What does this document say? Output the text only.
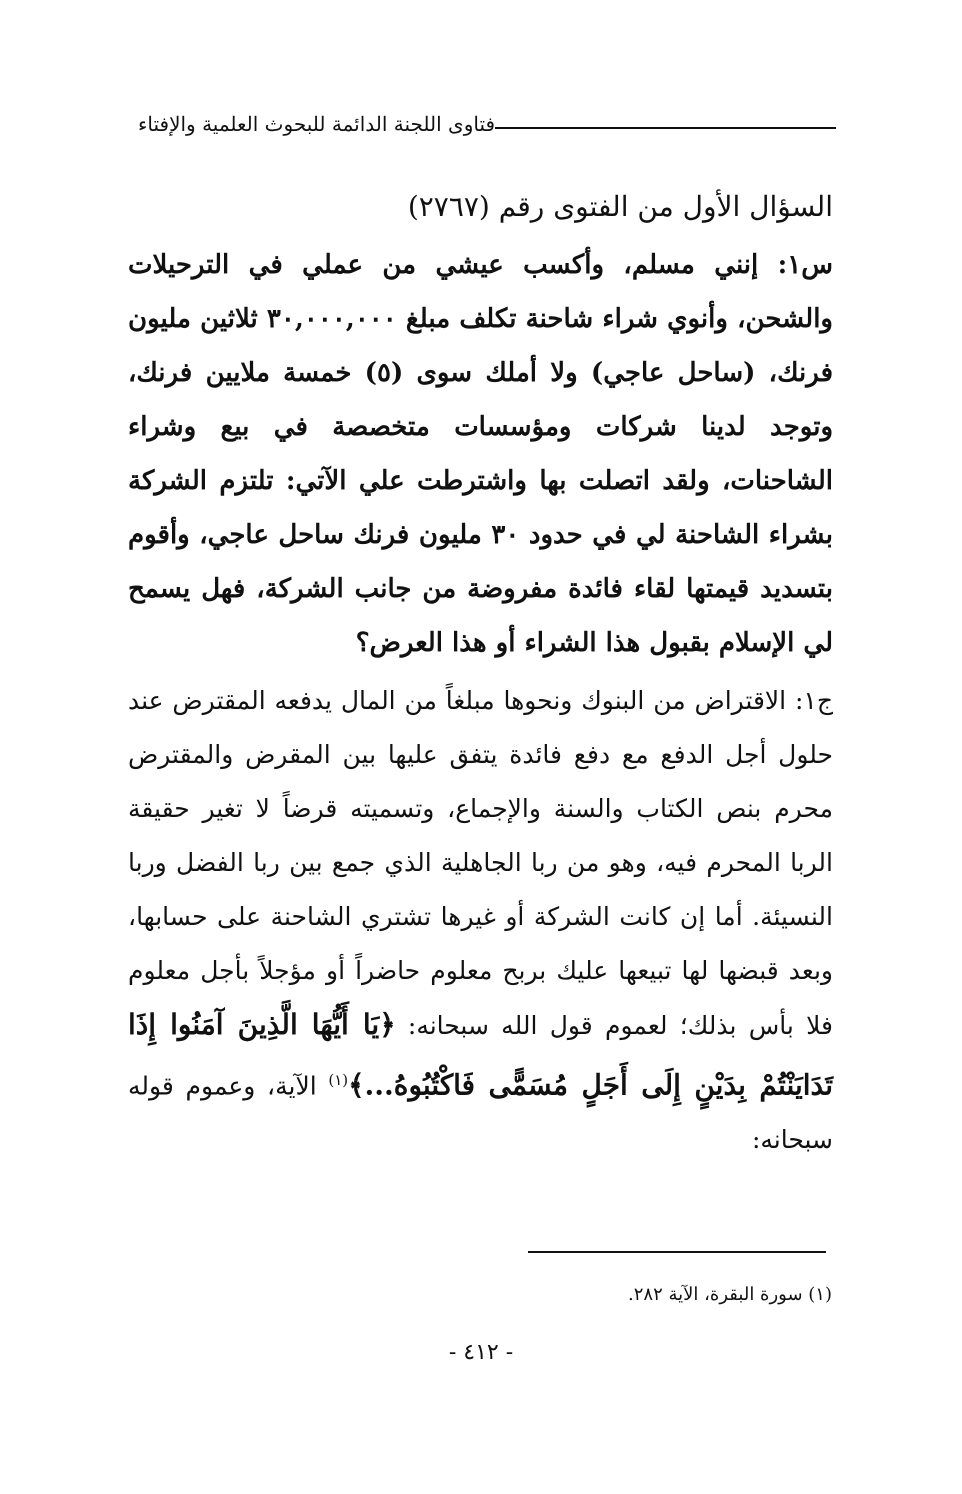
فتاوى اللجنة الدائمة للبحوث العلمية والإفتاء

السؤال الأول من الفتوى رقم (٢٧٦٧)

س١: إنني مسلم، وأكسب عيشي من عملي في الترحيلات والشحن، وأنوي شراء شاحنة تكلف مبلغ ٣٠,٠٠٠,٠٠٠ ثلاثين مليون فرنك، (ساحل عاجي) ولا أملك سوى (٥) خمسة ملايين فرنك، وتوجد لدينا شركات ومؤسسات متخصصة في بيع وشراء الشاحنات، ولقد اتصلت بها واشترطت علي الآتي: تلتزم الشركة بشراء الشاحنة لي في حدود ٣٠ مليون فرنك ساحل عاجي، وأقوم بتسديد قيمتها لقاء فائدة مفروضة من جانب الشركة، فهل يسمح لي الإسلام بقبول هذا الشراء أو هذا العرض؟

ج١: الاقتراض من البنوك ونحوها مبلغاً من المال يدفعه المقترض عند حلول أجل الدفع مع دفع فائدة يتفق عليها بين المقرض والمقترض محرم بنص الكتاب والسنة والإجماع، وتسميته قرضاً لا تغير حقيقة الربا المحرم فيه، وهو من ربا الجاهلية الذي جمع بين ربا الفضل وربا النسيئة. أما إن كانت الشركة أو غيرها تشتري الشاحنة على حسابها، وبعد قبضها لها تبيعها عليك بربح معلوم حاضراً أو مؤجلاً بأجل معلوم فلا بأس بذلك؛ لعموم قول الله سبحانه: ﴿يَا أَيُّهَا الَّذِينَ آمَنُوا إِذَا تَدَايَنْتُمْ بِدَيْنٍ إِلَى أَجَلٍ مُسَمًّى فَاكْتُبُوهُ...﴾$^{(١)}$ الآية، وعموم قوله سبحانه:

(١) سورة البقرة، الآية ٢٨٢.
- ٤١٢ -
